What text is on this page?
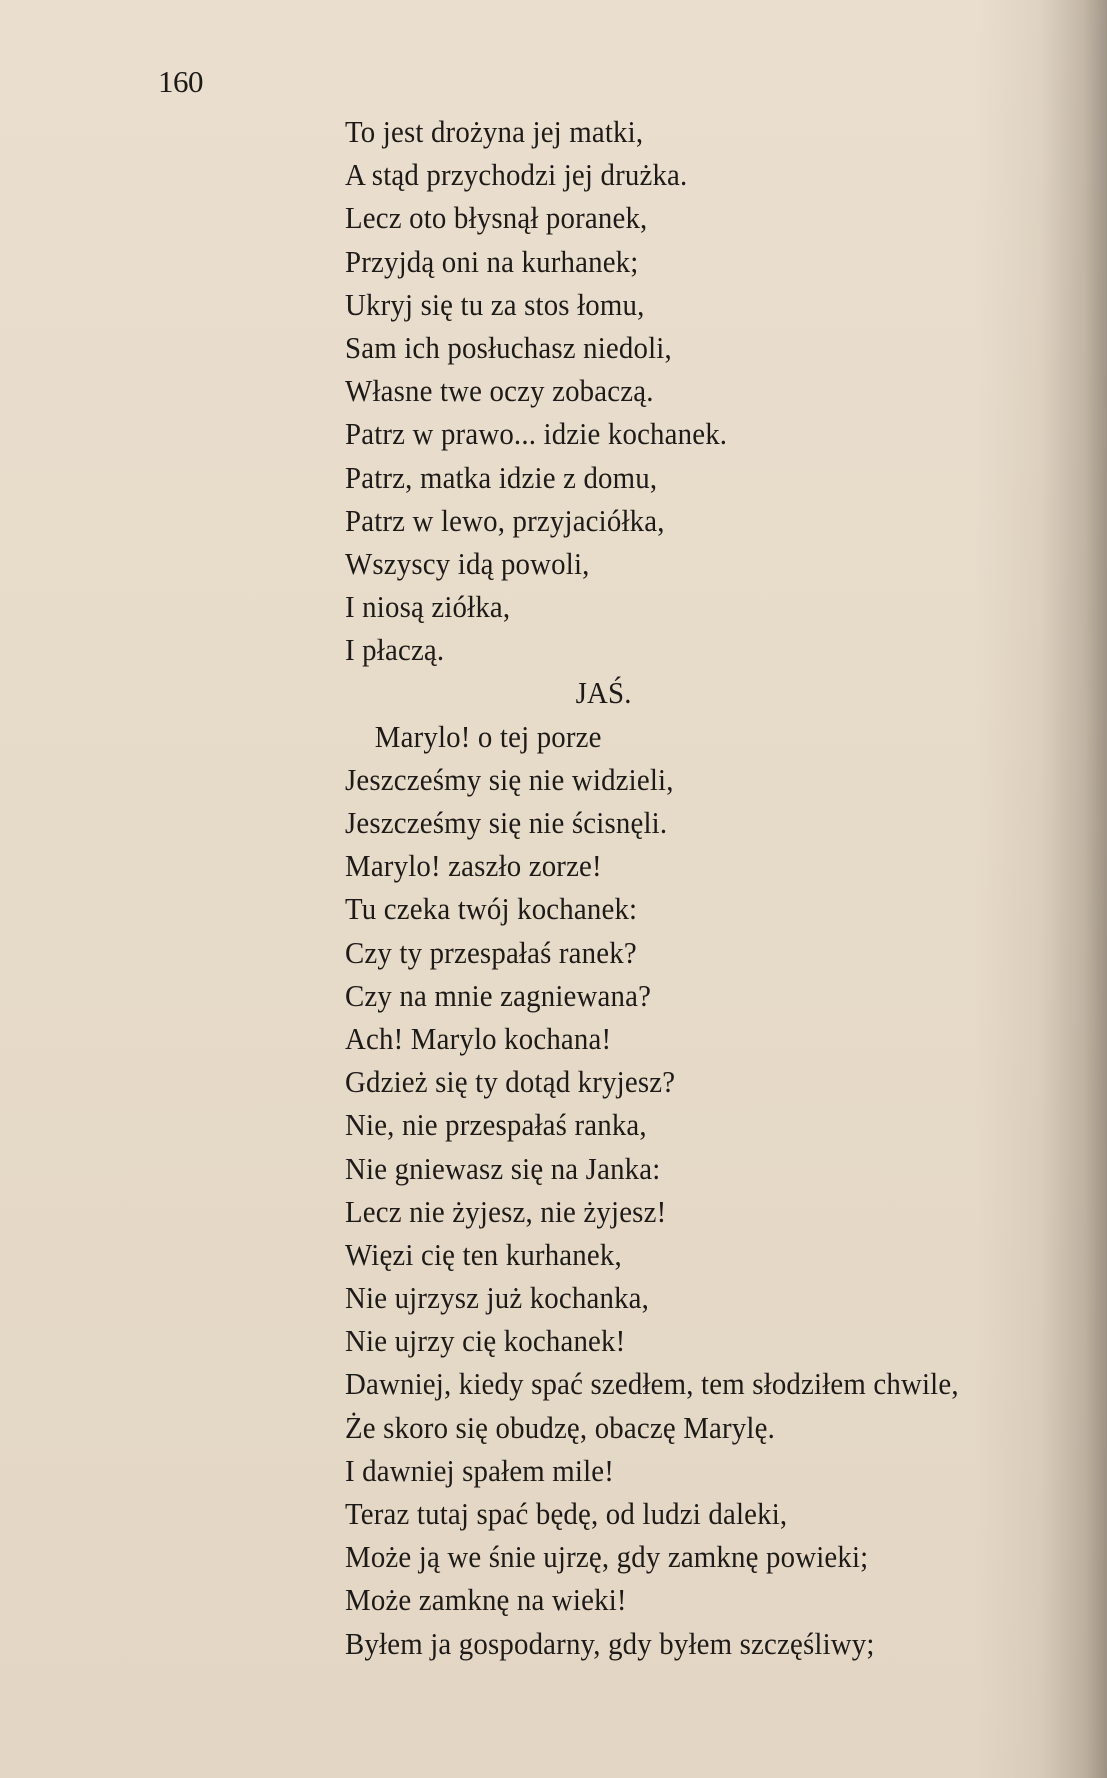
160
To jest drożyna jej matki,
A stąd przychodzi jej drużka.
Lecz oto błysnął poranek,
Przyjdą oni na kurhanek;
Ukryj się tu za stos łomu,
Sam ich posłuchasz niedoli,
Własne twe oczy zobaczą.
Patrz w prawo... idzie kochanek.
Patrz, matka idzie z domu,
Patrz w lewo, przyjaciółka,
Wszyscy idą powoli,
I niosą ziółka,
I płaczą.
JAŚ.
Marylo! o tej porze
Jeszcześmy się nie widzieli,
Jeszcześmy się nie ścisnęli.
Marylo! zaszło zorze!
Tu czeka twój kochanek:
Czy ty przespałaś ranek?
Czy na mnie zagniewana?
Ach! Marylo kochana!
Gdzież się ty dotąd kryjesz?
Nie, nie przespałaś ranka,
Nie gniewasz się na Janka:
Lecz nie żyjesz, nie żyjesz!
Więzi cię ten kurhanek,
Nie ujrzysz już kochanka,
Nie ujrzy cię kochanek!
Dawniej, kiedy spać szedłem, tem słodziłem chwile,
Że skoro się obudzę, obaczę Marylę.
I dawniej spałem mile!
Teraz tutaj spać będę, od ludzi daleki,
Może ją we śnie ujrzę, gdy zamknę powieki;
Może zamknę na wieki!
Byłem ja gospodarny, gdy byłem szczęśliwy;
